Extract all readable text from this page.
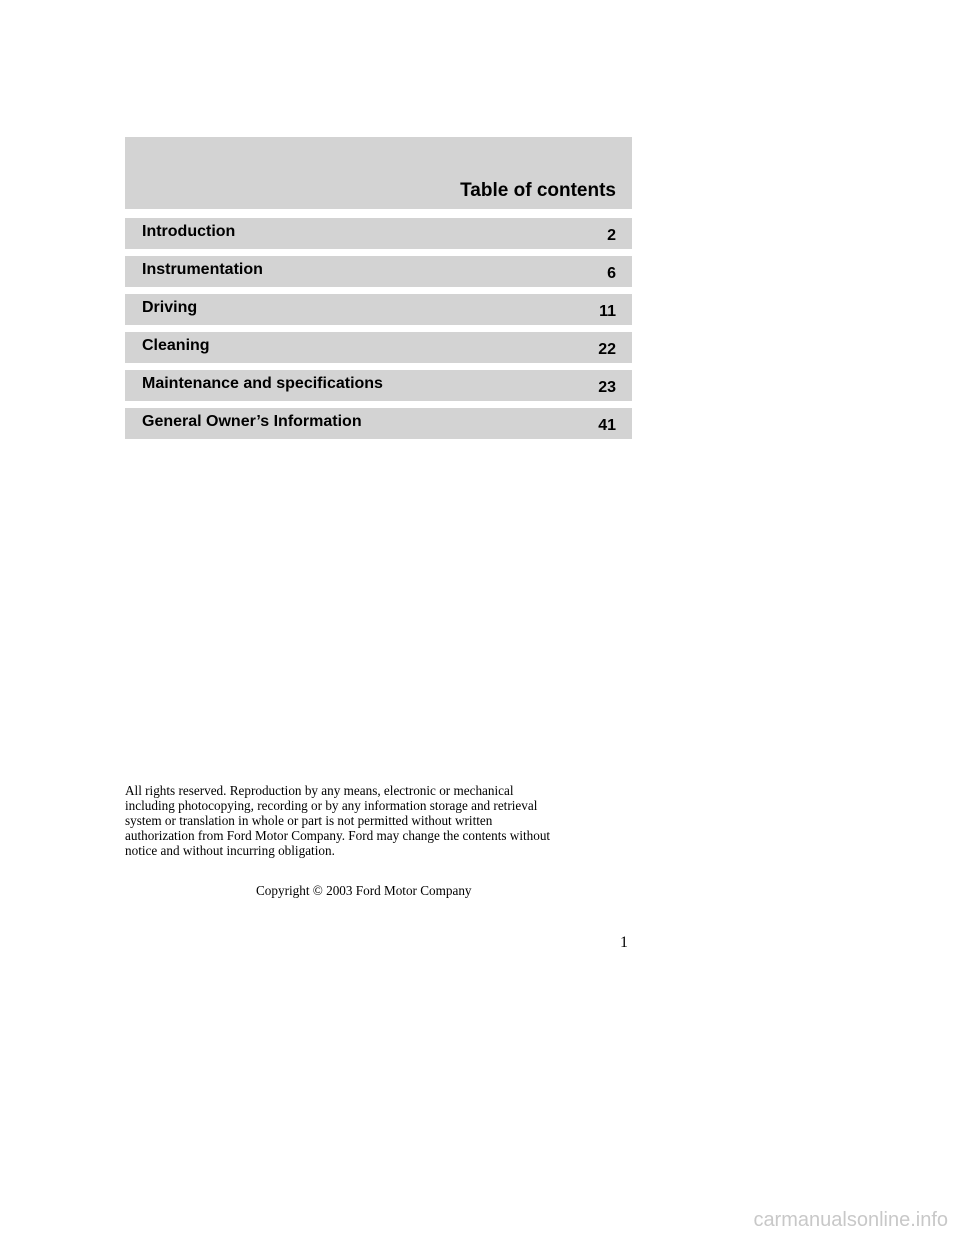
Table of contents
Introduction	2
Instrumentation	6
Driving	11
Cleaning	22
Maintenance and specifications	23
General Owner’s Information	41

All rights reserved. Reproduction by any means, electronic or mechanical
including photocopying, recording or by any information storage and retrieval
system or translation in whole or part is not permitted without written
authorization from Ford Motor Company. Ford may change the contents without
notice and without incurring obligation.

Copyright © 2003 Ford Motor Company

1

carmanualsonline.info
